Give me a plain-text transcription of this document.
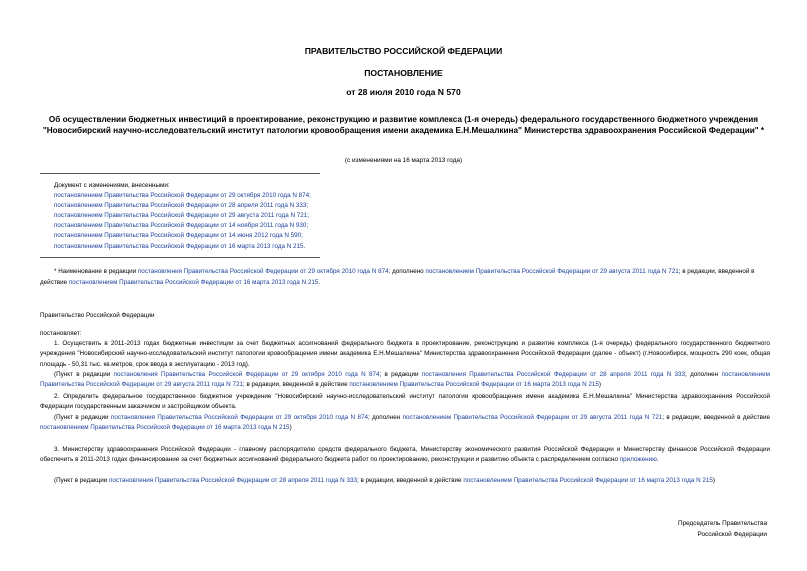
ПРАВИТЕЛЬСТВО РОССИЙСКОЙ ФЕДЕРАЦИИ
ПОСТАНОВЛЕНИЕ
от 28 июля 2010 года N 570
Об осуществлении бюджетных инвестиций в проектирование, реконструкцию и развитие комплекса (1-я очередь) федерального государственного бюджетного учреждения "Новосибирский научно-исследовательский институт патологии кровообращения имени академика Е.Н.Мешалкина" Министерства здравоохранения Российской Федерации" *
(с изменениями на 16 марта 2013 года)
Документ с изменениями, внесенными:
постановлением Правительства Российской Федерации от 29 октября 2010 года N 874;
постановлением Правительства Российской Федерации от 28 апреля 2011 года N 333;
постановлением Правительства Российской Федерации от 29 августа 2011 года N 721;
постановлением Правительства Российской Федерации от 14 ноября 2011 года N 930;
постановлением Правительства Российской Федерации от 14 июня 2012 года N 590;
постановлением Правительства Российской Федерации от 16 марта 2013 года N 215.
* Наименование в редакции постановления Правительства Российской Федерации от 29 октября 2010 года N 874; дополнено постановлением Правительства Российской Федерации от 29 августа 2011 года N 721; в редакции, введенной в действие постановлением Правительства Российской Федерации от 16 марта 2013 года N 215.
Правительство Российской Федерации
постановляет:
1. Осуществить в 2011-2013 годах бюджетные инвестиции за счет бюджетных ассигнований федерального бюджета в проектирование, реконструкцию и развитие комплекса (1-я очередь) федерального государственного бюджетного учреждения "Новосибирский научно-исследовательский институт патологии кровообращения имени академика Е.Н.Мешалкина" Министерства здравоохранения Российской Федерации (далее - объект) (г.Новосибирск, мощность 290 коек, общая площадь - 50,31 тыс. кв.метров, срок ввода в эксплуатацию - 2013 год).
(Пункт в редакции постановления Правительства Российской Федерации от 29 октября 2010 года N 874; в редакции постановления Правительства Российской Федерации от 28 апреля 2011 года N 333; дополнен постановлением Правительства Российской Федерации от 29 августа 2011 года N 721; в редакции, введенной в действие постановлением Правительства Российской Федерации от 16 марта 2013 года N 215)
2. Определить федеральное государственное бюджетное учреждение "Новосибирский научно-исследовательский институт патологии кровообращения имени академика Е.Н.Мешалкина" Министерства здравоохранения Российской Федерации государственным заказчиком и застройщиком объекта.
(Пункт в редакции постановления Правительства Российской Федерации от 29 октября 2010 года N 874; дополнен постановлением Правительства Российской Федерации от 29 августа 2011 года N 721; в редакции, введенной в действие постановлением Правительства Российской Федерации от 16 марта 2013 года N 215)
3. Министерству здравоохранения Российской Федерации - главному распорядителю средств федерального бюджета, Министерству экономического развития Российской Федерации и Министерству финансов Российской Федерации обеспечить в 2011-2013 годах финансирование за счет бюджетных ассигнований федерального бюджета работ по проектированию, реконструкции и развитию объекта с распределением согласно приложению.
(Пункт в редакции постановления Правительства Российской Федерации от 28 апреля 2011 года N 333; в редакции, введенной в действие постановлением Правительства Российской Федерации от 16 марта 2013 года N 215)
Председатель Правительства
Российской Федерации
